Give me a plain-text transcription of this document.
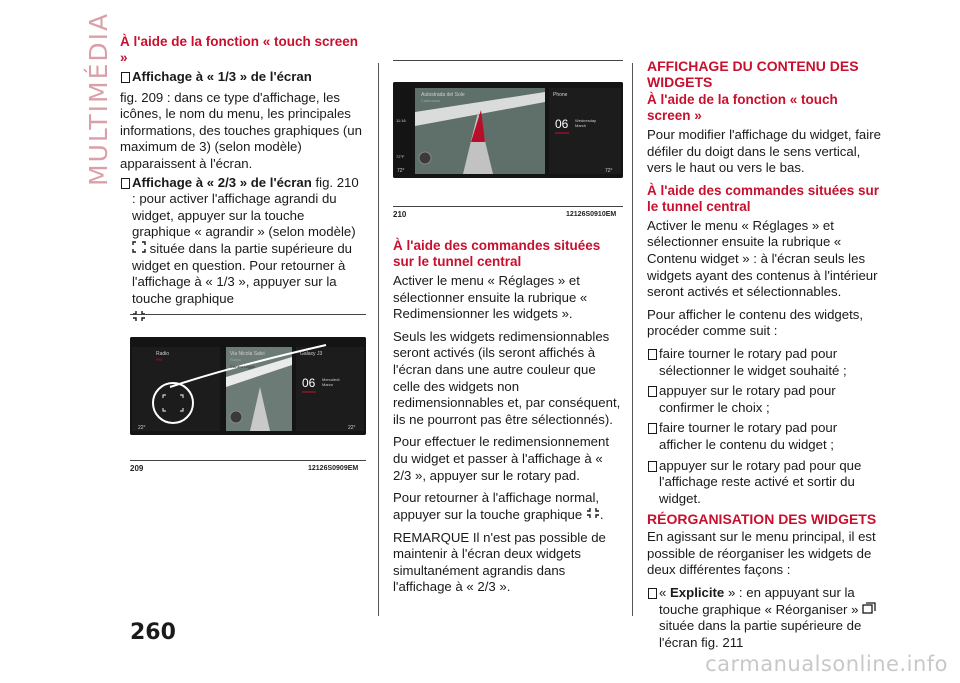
MULTIMÉDIA À l'aide de la fonction « touch screen »
Affichage à « 1/3 » de l'écran

fig. 209 : dans ce type d'affichage, les icônes, le nom du menu, les principales informations, des touches graphiques (un maximum de 3) (selon modèle) apparaissent à l'écran.

Affichage à « 2/3 » de l'écran fig. 210 : pour activer l'affichage agrandi du widget, appuyer sur la touche graphique « agrandir » (selon modèle)  située dans la partie supérieure du widget en question. Pour retourner à l'affichage à « 1/3 », appuyer sur la touche graphique
Radio
FM
Via Nicola Salvi
Roma
Giardino Loggia
Galaxy J3
06 Mercoledì
Marzo
22°	22°
209	12126S0909EM
Autostrada del Sole
Calenzano
11:16
72°F
Phone
06 Wednesday
March
72°	72°
210	12126S0910EM
À l'aide des commandes situées sur le tunnel central

Activer le menu « Réglages » et sélectionner ensuite la rubrique « Redimensionner les widgets ».

Seuls les widgets redimensionnables seront activés (ils seront affichés à l'écran dans une autre couleur que celle des widgets non redimensionnables et, par conséquent, ils ne pourront pas être sélectionnés).

Pour effectuer le redimensionnement du widget et passer à l'affichage à « 2/3 », appuyer sur le rotary pad.

Pour retourner à l'affichage normal, appuyer sur la touche graphique .

REMARQUE Il n'est pas possible de maintenir à l'écran deux widgets simultanément agrandis dans l'affichage à « 2/3 ».

AFFICHAGE DU CONTENU DES WIDGETS
À l'aide de la fonction « touch screen »

Pour modifier l'affichage du widget, faire défiler du doigt dans le sens vertical, vers le haut ou vers le bas.

À l'aide des commandes situées sur le tunnel central

Activer le menu « Réglages » et sélectionner ensuite la rubrique « Contenu widget » : à l'écran seuls les widgets ayant des contenus à l'intérieur seront activés et sélectionnables.

Pour afficher le contenu des widgets, procéder comme suit :

faire tourner le rotary pad pour sélectionner le widget souhaité ;
appuyer sur le rotary pad pour confirmer le choix ;
faire tourner le rotary pad pour afficher le contenu du widget ;
appuyer sur le rotary pad pour que l'affichage reste activé et sortir du widget.
RÉORGANISATION DES WIDGETS

En agissant sur le menu principal, il est possible de réorganiser les widgets de deux différentes façons :

« Explicite » : en appuyant sur la touche graphique « Réorganiser »  située dans la partie supérieure de l'écran fig. 211
260
carmanualsonline.info
